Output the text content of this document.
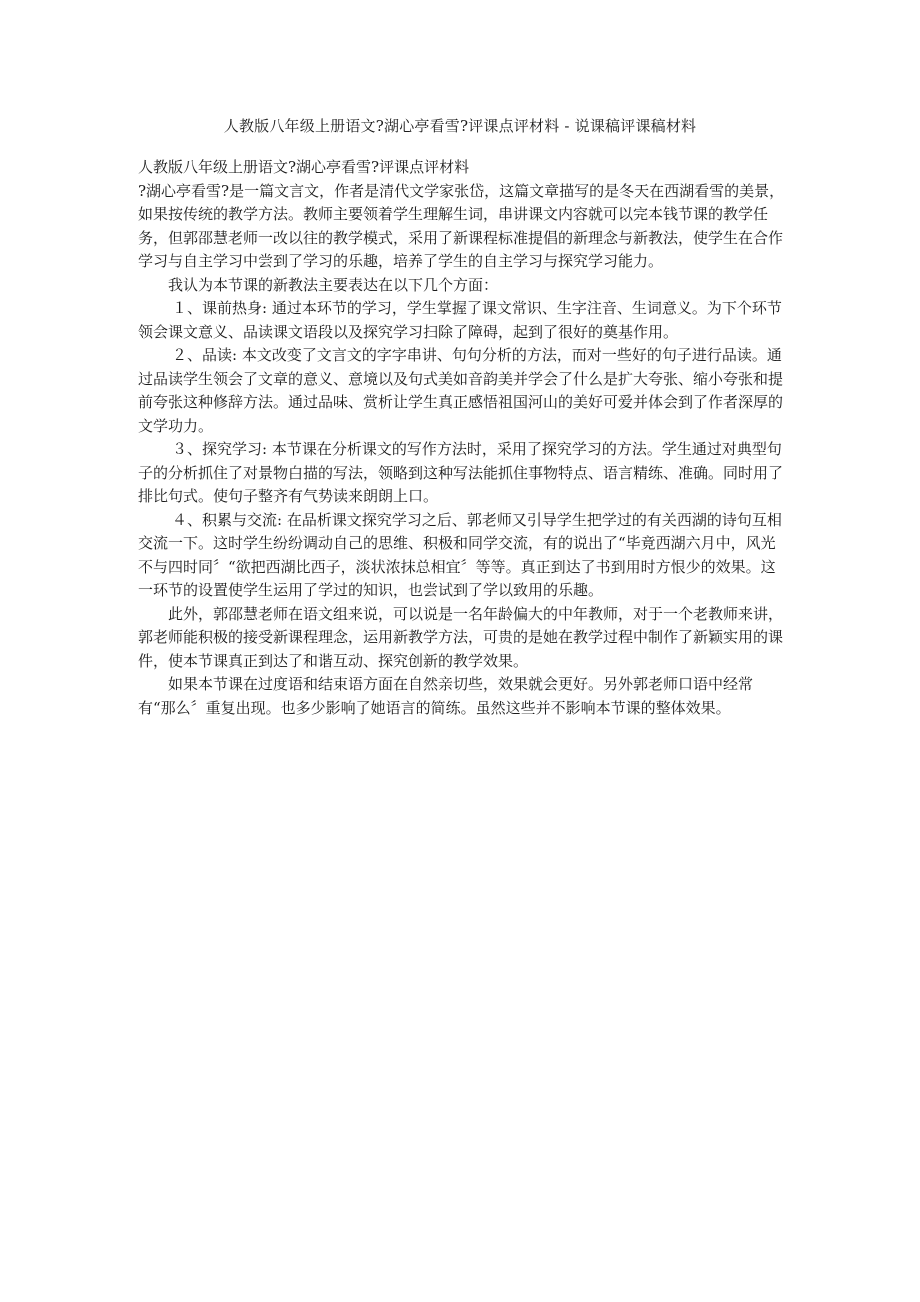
人教版八年级上册语文?湖心亭看雪?评课点评材料 - 说课稿评课稿材料

人教版八年级上册语文?湖心亭看雪?评课点评材料

?湖心亭看雪?是一篇文言文，作者是清代文学家张岱，这篇文章描写的是冬天在西湖看雪的美景，如果按传统的教学方法。教师主要领着学生理解生词，串讲课文内容就可以完本钱节课的教学任务，但郭邵慧老师一改以往的教学模式，采用了新课程标准提倡的新理念与新教法，使学生在合作学习与自主学习中尝到了学习的乐趣，培养了学生的自主学习与探究学习能力。

我认为本节课的新教法主要表达在以下几个方面：

１、课前热身: 通过本环节的学习，学生掌握了课文常识、生字注音、生词意义。为下个环节领会课文意义、品读课文语段以及探究学习扫除了障碍，起到了很好的奠基作用。

２、品读: 本文改变了文言文的字字串讲、句句分析的方法，而对一些好的句子进行品读。通过品读学生领会了文章的意义、意境以及句式美如音韵美并学会了什么是扩大夸张、缩小夸张和提前夸张这种修辞方法。通过品味、赏析让学生真正感悟祖国河山的美好可爱并体会到了作者深厚的文学功力。

３、探究学习: 本节课在分析课文的写作方法时，采用了探究学习的方法。学生通过对典型句子的分析抓住了对景物白描的写法，领略到这种写法能抓住事物特点、语言精练、准确。同时用了排比句式。使句子整齐有气势读来朗朗上口。

４、积累与交流: 在品析课文探究学习之后、郭老师又引导学生把学过的有关西湖的诗句互相交流一下。这时学生纷纷调动自己的思维、积极和同学交流，有的说出了“毕竟西湖六月中，风光不与四时同〞“欲把西湖比西子，淡状浓抹总相宜〞等等。真正到达了书到用时方恨少的效果。这一环节的设置使学生运用了学过的知识，也尝试到了学以致用的乐趣。

此外，郭邵慧老师在语文组来说，可以说是一名年龄偏大的中年教师，对于一个老教师来讲，郭老师能积极的接受新课程理念，运用新教学方法，可贵的是她在教学过程中制作了新颖实用的课件，使本节课真正到达了和谐互动、探究创新的教学效果。

如果本节课在过度语和结束语方面在自然亲切些，效果就会更好。另外郭老师口语中经常有“那么〞重复出现。也多少影响了她语言的简练。虽然这些并不影响本节课的整体效果。
